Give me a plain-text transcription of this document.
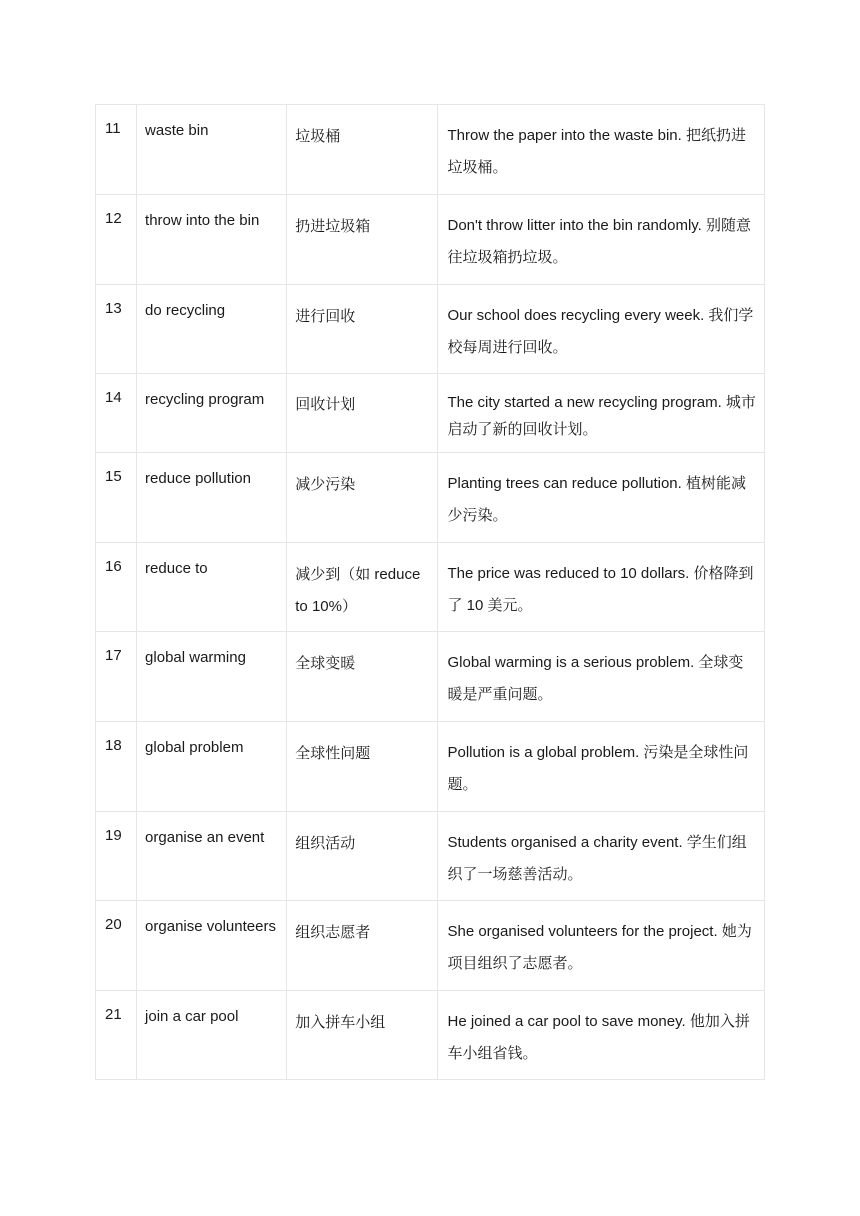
11	waste bin	垃圾桶	Throw the paper into the waste bin. 把纸扔进垃圾桶。
12	throw into the bin	扔进垃圾箱	Don't throw litter into the bin randomly. 别随意往垃圾箱扔垃圾。
13	do recycling	进行回收	Our school does recycling every week. 我们学校每周进行回收。
14	recycling program	回收计划	The city started a new recycling program. 城市启动了新的回收计划。
15	reduce pollution	减少污染	Planting trees can reduce pollution. 植树能减少污染。
16	reduce to	减少到（如 reduce to 10%）	The price was reduced to 10 dollars. 价格降到了 10 美元。
17	global warming	全球变暖	Global warming is a serious problem. 全球变暖是严重问题。
18	global problem	全球性问题	Pollution is a global problem. 污染是全球性问题。
19	organise an event	组织活动	Students organised a charity event. 学生们组织了一场慈善活动。
20	organise volunteers	组织志愿者	She organised volunteers for the project. 她为项目组织了志愿者。
21	join a car pool	加入拼车小组	He joined a car pool to save money. 他加入拼车小组省钱。
